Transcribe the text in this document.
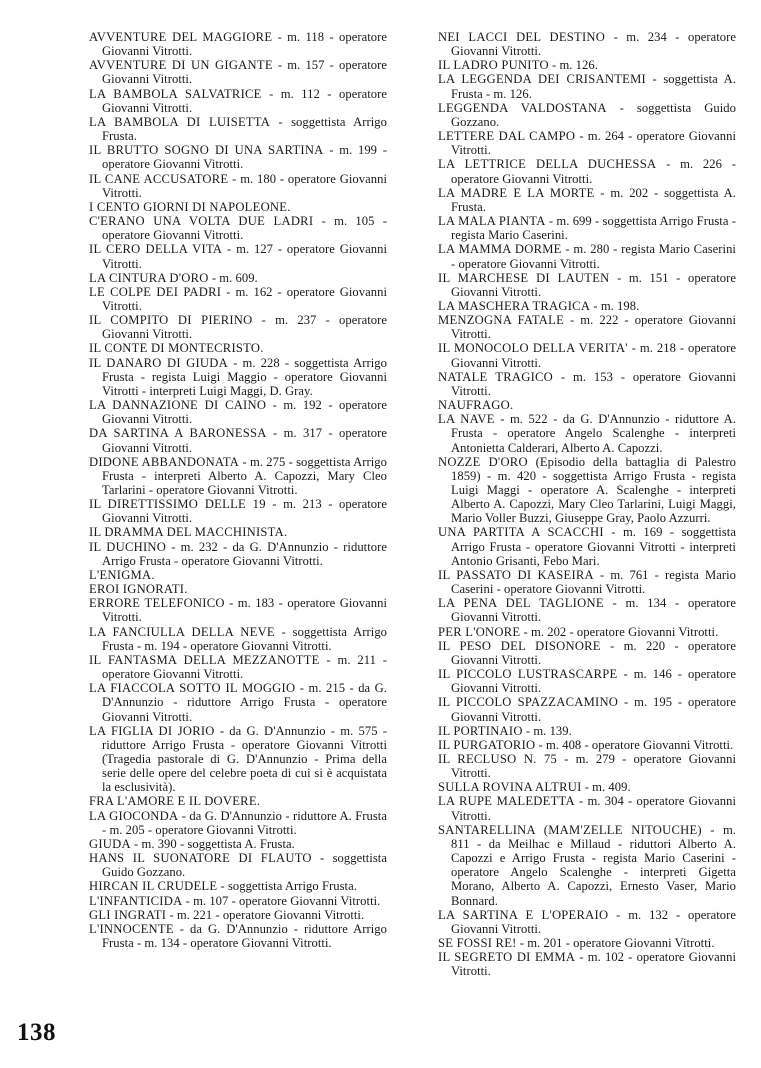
AVVENTURE DEL MAGGIORE - m. 118 - operatore Giovanni Vitrotti.

AVVENTURE DI UN GIGANTE - m. 157 - operatore Giovanni Vitrotti.

LA BAMBOLA SALVATRICE - m. 112 - operatore Giovanni Vitrotti.

LA BAMBOLA DI LUISETTA - soggettista Arrigo Frusta.

IL BRUTTO SOGNO DI UNA SARTINA - m. 199 - operatore Giovanni Vitrotti.

IL CANE ACCUSATORE - m. 180 - operatore Giovanni Vitrotti.

I CENTO GIORNI DI NAPOLEONE.

C'ERANO UNA VOLTA DUE LADRI - m. 105 - operatore Giovanni Vitrotti.

IL CERO DELLA VITA - m. 127 - operatore Giovanni Vitrotti.

LA CINTURA D'ORO - m. 609.

LE COLPE DEI PADRI - m. 162 - operatore Giovanni Vitrotti.

IL COMPITO DI PIERINO - m. 237 - operatore Giovanni Vitrotti.

IL CONTE DI MONTECRISTO.

IL DANARO DI GIUDA - m. 228 - soggettista Arrigo Frusta - regista Luigi Maggio - operatore Giovanni Vitrotti - interpreti Luigi Maggi, D. Gray.

LA DANNAZIONE DI CAINO - m. 192 - operatore Giovanni Vitrotti.

DA SARTINA A BARONESSA - m. 317 - operatore Giovanni Vitrotti.

DIDONE ABBANDONATA - m. 275 - soggettista Arrigo Frusta - interpreti Alberto A. Capozzi, Mary Cleo Tarlarini - operatore Giovanni Vitrotti.

IL DIRETTISSIMO DELLE 19 - m. 213 - operatore Giovanni Vitrotti.

IL DRAMMA DEL MACCHINISTA.

IL DUCHINO - m. 232 - da G. D'Annunzio - riduttore Arrigo Frusta - operatore Giovanni Vitrotti.

L'ENIGMA.

EROI IGNORATI.

ERRORE TELEFONICO - m. 183 - operatore Giovanni Vitrotti.

LA FANCIULLA DELLA NEVE - soggettista Arrigo Frusta - m. 194 - operatore Giovanni Vitrotti.

IL FANTASMA DELLA MEZZANOTTE - m. 211 - operatore Giovanni Vitrotti.

LA FIACCOLA SOTTO IL MOGGIO - m. 215 - da G. D'Annunzio - riduttore Arrigo Frusta - operatore Giovanni Vitrotti.

LA FIGLIA DI JORIO - da G. D'Annunzio - m. 575 - riduttore Arrigo Frusta - operatore Giovanni Vitrotti (Tragedia pastorale di G. D'Annunzio - Prima della serie delle opere del celebre poeta di cui si è acquistata la esclusività).

FRA L'AMORE E IL DOVERE.

LA GIOCONDA - da G. D'Annunzio - riduttore A. Frusta - m. 205 - operatore Giovanni Vitrotti.

GIUDA - m. 390 - soggettista A. Frusta.

HANS IL SUONATORE DI FLAUTO - soggettista Guido Gozzano.

HIRCAN IL CRUDELE - soggettista Arrigo Frusta.

L'INFANTICIDA - m. 107 - operatore Giovanni Vitrotti.

GLI INGRATI - m. 221 - operatore Giovanni Vitrotti.

L'INNOCENTE - da G. D'Annunzio - riduttore Arrigo Frusta - m. 134 - operatore Giovanni Vitrotti.

NEI LACCI DEL DESTINO - m. 234 - operatore Giovanni Vitrotti.

IL LADRO PUNITO - m. 126.

LA LEGGENDA DEI CRISANTEMI - soggettista A. Frusta - m. 126.

LEGGENDA VALDOSTANA - soggettista Guido Gozzano.

LETTERE DAL CAMPO - m. 264 - operatore Giovanni Vitrotti.

LA LETTRICE DELLA DUCHESSA - m. 226 - operatore Giovanni Vitrotti.

LA MADRE E LA MORTE - m. 202 - soggettista A. Frusta.

LA MALA PIANTA - m. 699 - soggettista Arrigo Frusta - regista Mario Caserini.

LA MAMMA DORME - m. 280 - regista Mario Caserini - operatore Giovanni Vitrotti.

IL MARCHESE DI LAUTEN - m. 151 - operatore Giovanni Vitrotti.

LA MASCHERA TRAGICA - m. 198.

MENZOGNA FATALE - m. 222 - operatore Giovanni Vitrotti.

IL MONOCOLO DELLA VERITA' - m. 218 - operatore Giovanni Vitrotti.

NATALE TRAGICO - m. 153 - operatore Giovanni Vitrotti.

NAUFRAGO.

LA NAVE - m. 522 - da G. D'Annunzio - riduttore A. Frusta - operatore Angelo Scalenghe - interpreti Antonietta Calderari, Alberto A. Capozzi.

NOZZE D'ORO (Episodio della battaglia di Palestro 1859) - m. 420 - soggettista Arrigo Frusta - regista Luigi Maggi - operatore A. Scalenghe - interpreti Alberto A. Capozzi, Mary Cleo Tarlarini, Luigi Maggi, Mario Voller Buzzi, Giuseppe Gray, Paolo Azzurri.

UNA PARTITA A SCACCHI - m. 169 - soggettista Arrigo Frusta - operatore Giovanni Vitrotti - interpreti Antonio Grisanti, Febo Mari.

IL PASSATO DI KASEIRA - m. 761 - regista Mario Caserini - operatore Giovanni Vitrotti.

LA PENA DEL TAGLIONE - m. 134 - operatore Giovanni Vitrotti.

PER L'ONORE - m. 202 - operatore Giovanni Vitrotti.

IL PESO DEL DISONORE - m. 220 - operatore Giovanni Vitrotti.

IL PICCOLO LUSTRASCARPE - m. 146 - operatore Giovanni Vitrotti.

IL PICCOLO SPAZZACAMINO - m. 195 - operatore Giovanni Vitrotti.

IL PORTINAIO - m. 139.

IL PURGATORIO - m. 408 - operatore Giovanni Vitrotti.

IL RECLUSO N. 75 - m. 279 - operatore Giovanni Vitrotti.

SULLA ROVINA ALTRUI - m. 409.

LA RUPE MALEDETTA - m. 304 - operatore Giovanni Vitrotti.

SANTARELLINA (MAM'ZELLE NITOUCHE) - m. 811 - da Meilhac e Millaud - riduttori Alberto A. Capozzi e Arrigo Frusta - regista Mario Caserini - operatore Angelo Scalenghe - interpreti Gigetta Morano, Alberto A. Capozzi, Ernesto Vaser, Mario Bonnard.

LA SARTINA E L'OPERAIO - m. 132 - operatore Giovanni Vitrotti.

SE FOSSI RE! - m. 201 - operatore Giovanni Vitrotti.

IL SEGRETO DI EMMA - m. 102 - operatore Giovanni Vitrotti.

138
